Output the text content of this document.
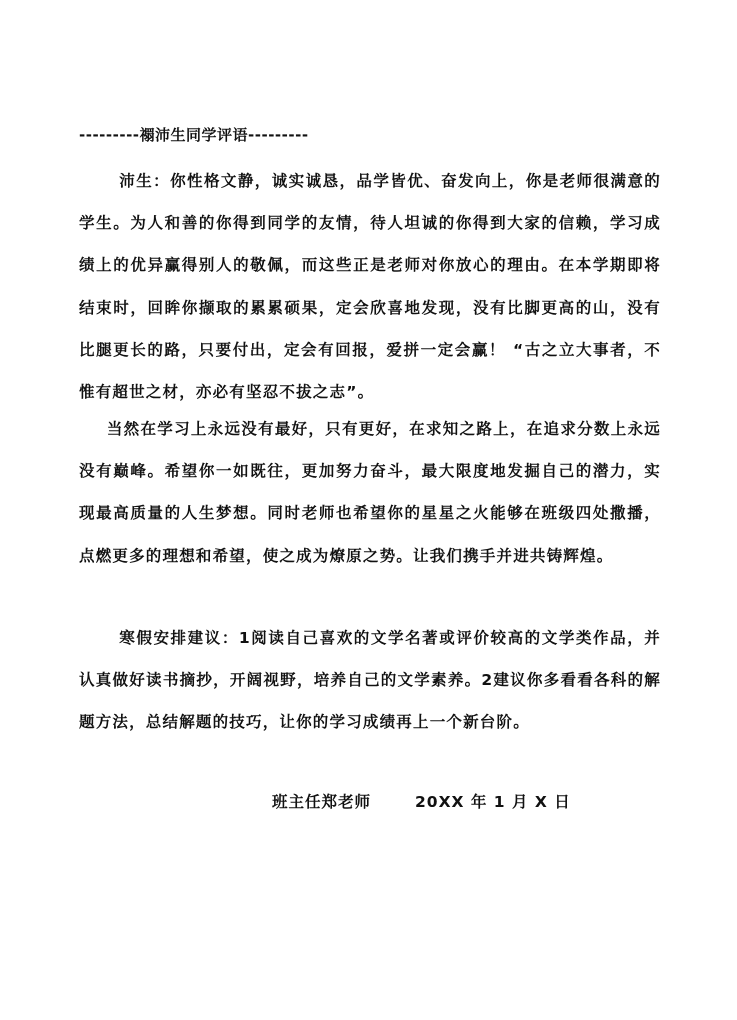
---------禤沛生同学评语---------
沛生：你性格文静，诚实诚恳，品学皆优、奋发向上，你是老师很满意的学生。为人和善的你得到同学的友情，待人坦诚的你得到大家的信赖，学习成绩上的优异赢得别人的敬佩，而这些正是老师对你放心的理由。在本学期即将结束时，回眸你撷取的累累硕果，定会欣喜地发现，没有比脚更高的山，没有比腿更长的路，只要付出，定会有回报，爱拼一定会赢！ “古之立大事者，不惟有超世之材，亦必有坚忍不拔之志”。
当然在学习上永远没有最好，只有更好，在求知之路上，在追求分数上永远没有巅峰。希望你一如既往，更加努力奋斗，最大限度地发掘自己的潜力，实现最高质量的人生梦想。同时老师也希望你的星星之火能够在班级四处撒播，点燃更多的理想和希望，使之成为燎原之势。让我们携手并进共铸辉煌。
寒假安排建议：1阅读自己喜欢的文学名著或评价较高的文学类作品，并认真做好读书摘抄，开阔视野，培养自己的文学素养。2建议你多看看各科的解题方法，总结解题的技巧，让你的学习成绩再上一个新台阶。
班主任郑老师	20XX 年 1 月 X 日
